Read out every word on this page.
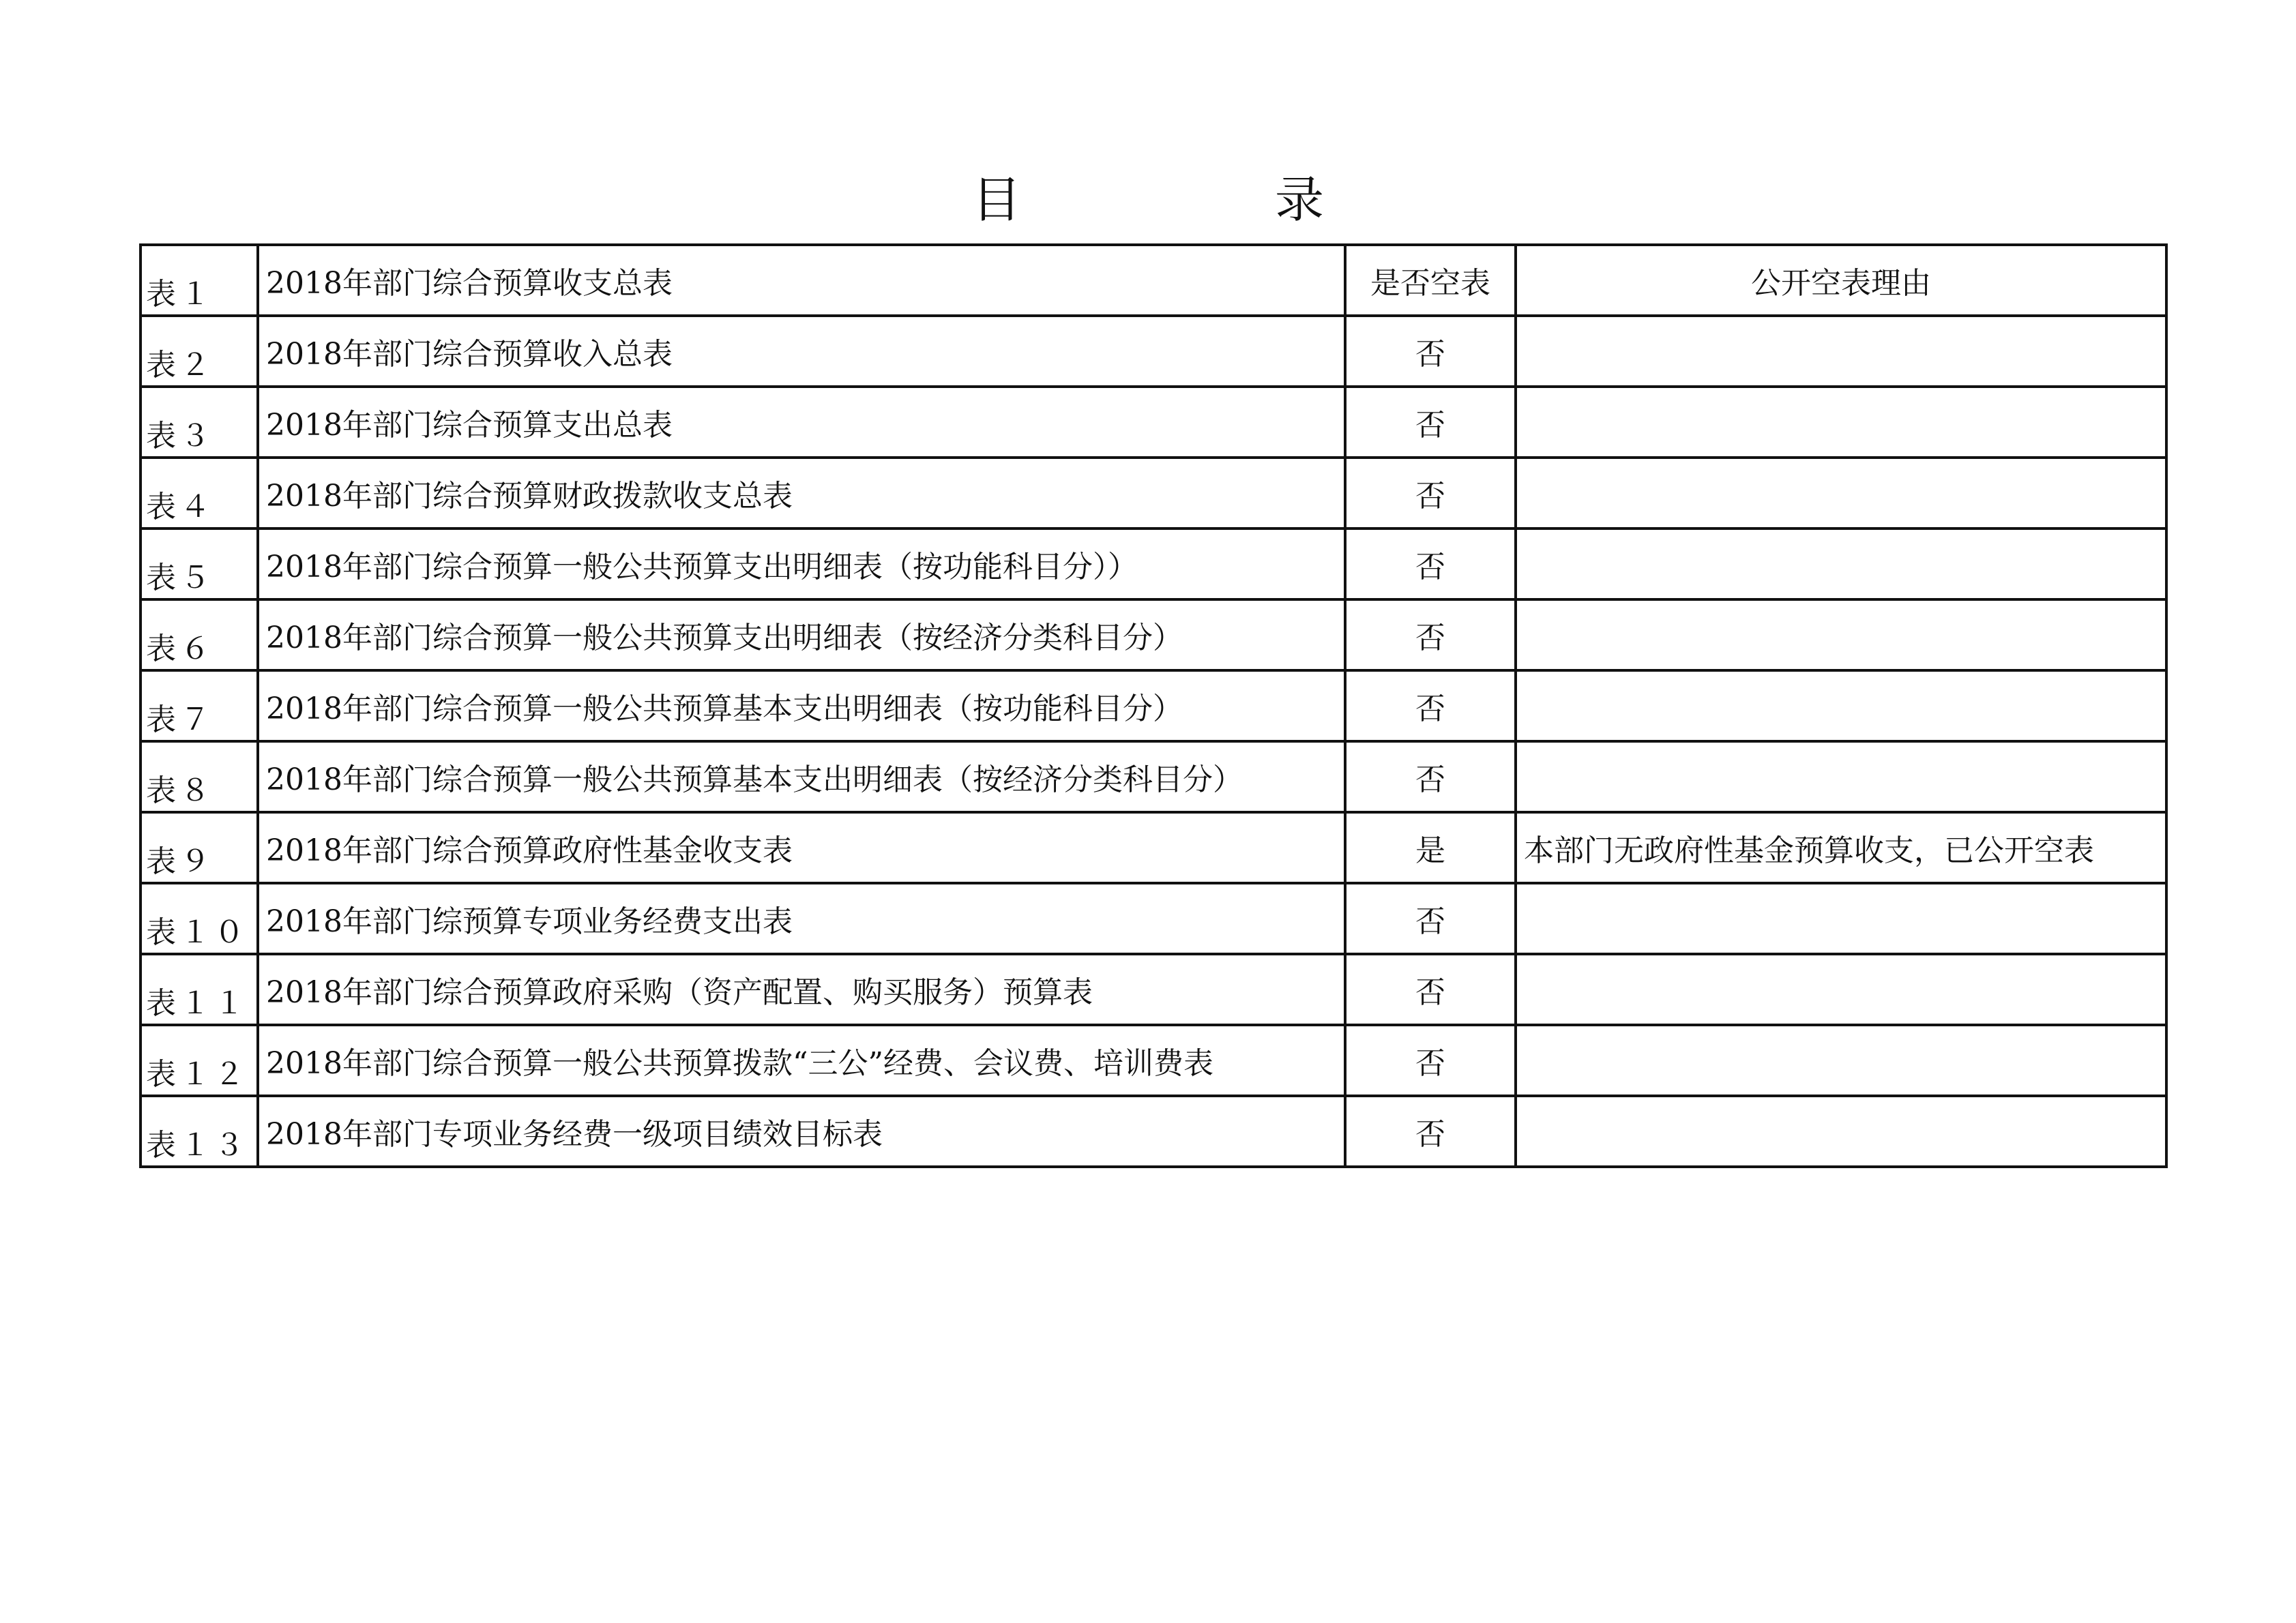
目　录
表１	2018年部门综合预算收支总表	是否空表	公开空表理由
表２	2018年部门综合预算收入总表	否	
表３	2018年部门综合预算支出总表	否	
表４	2018年部门综合预算财政拨款收支总表	否	
表５	2018年部门综合预算一般公共预算支出明细表（按功能科目分））	否	
表６	2018年部门综合预算一般公共预算支出明细表（按经济分类科目分）	否	
表７	2018年部门综合预算一般公共预算基本支出明细表（按功能科目分）	否	
表８	2018年部门综合预算一般公共预算基本支出明细表（按经济分类科目分）	否	
表９	2018年部门综合预算政府性基金收支表	是	本部门无政府性基金预算收支，已公开空表
表１０	2018年部门综预算专项业务经费支出表	否	
表１１	2018年部门综合预算政府采购（资产配置、购买服务）预算表	否	
表１２	2018年部门综合预算一般公共预算拨款“三公”经费、会议费、培训费表	否	
表１３	2018年部门专项业务经费一级项目绩效目标表	否	
